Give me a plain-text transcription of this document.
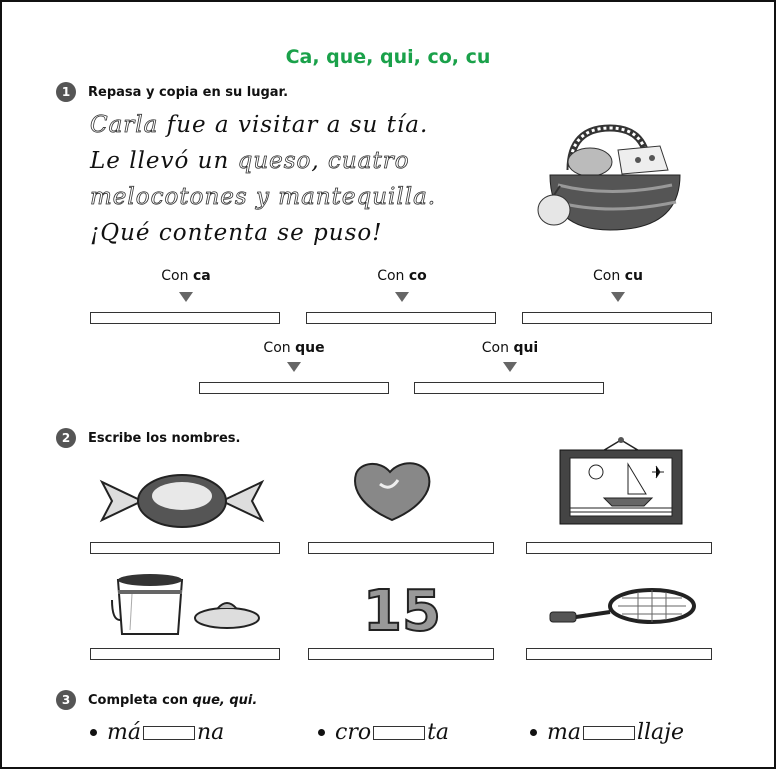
Ca, que, qui, co, cu
1	Repasa y copia en su lugar.
Carla fue a visitar a su tía.
Le llevó un queso, cuatro
melocotones y mantequilla.
¡Qué contenta se puso!
Con ca	Con co	Con cu
Con que	Con qui
2	Escribe los nombres.
15
3	Completa con que, qui.
má	na	cro	ta	ma	llaje
